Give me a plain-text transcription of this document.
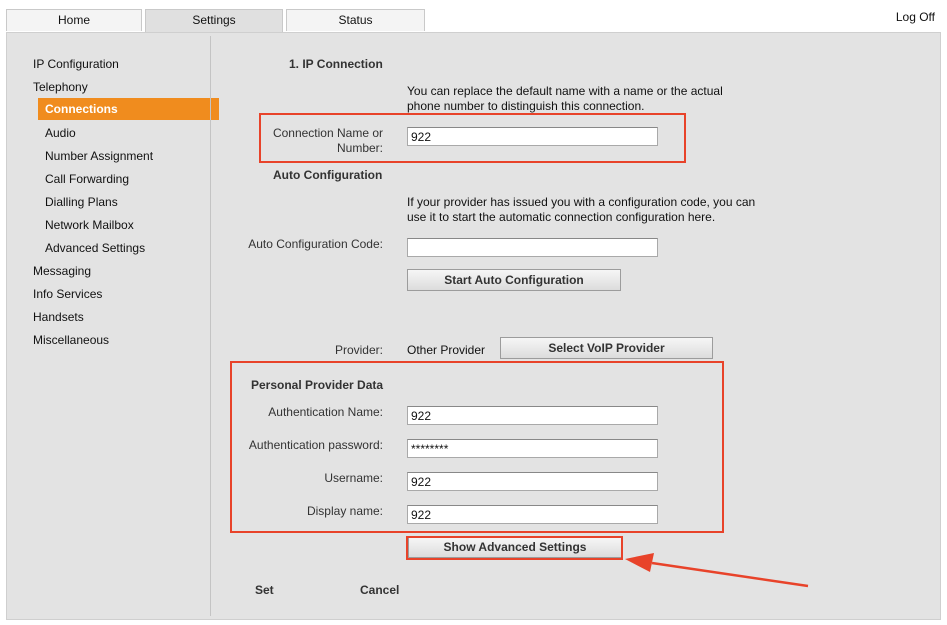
Home	Settings	Status	Log Off
IP Configuration
Telephony
Connections
Audio
Number Assignment
Call Forwarding
Dialling Plans
Network Mailbox
Advanced Settings
Messaging
Info Services
Handsets
Miscellaneous
1. IP Connection
You can replace the default name with a name or the actual
phone number to distinguish this connection.
Connection Name or
Number:
922
Auto Configuration
If your provider has issued you with a configuration code, you can
use it to start the automatic connection configuration here.
Auto Configuration Code:
Start Auto Configuration
Provider: Other Provider	Select VoIP Provider
Personal Provider Data
Authentication Name:
922
Authentication password:
********
Username:
922
Display name:
922
Show Advanced Settings
Set	Cancel
